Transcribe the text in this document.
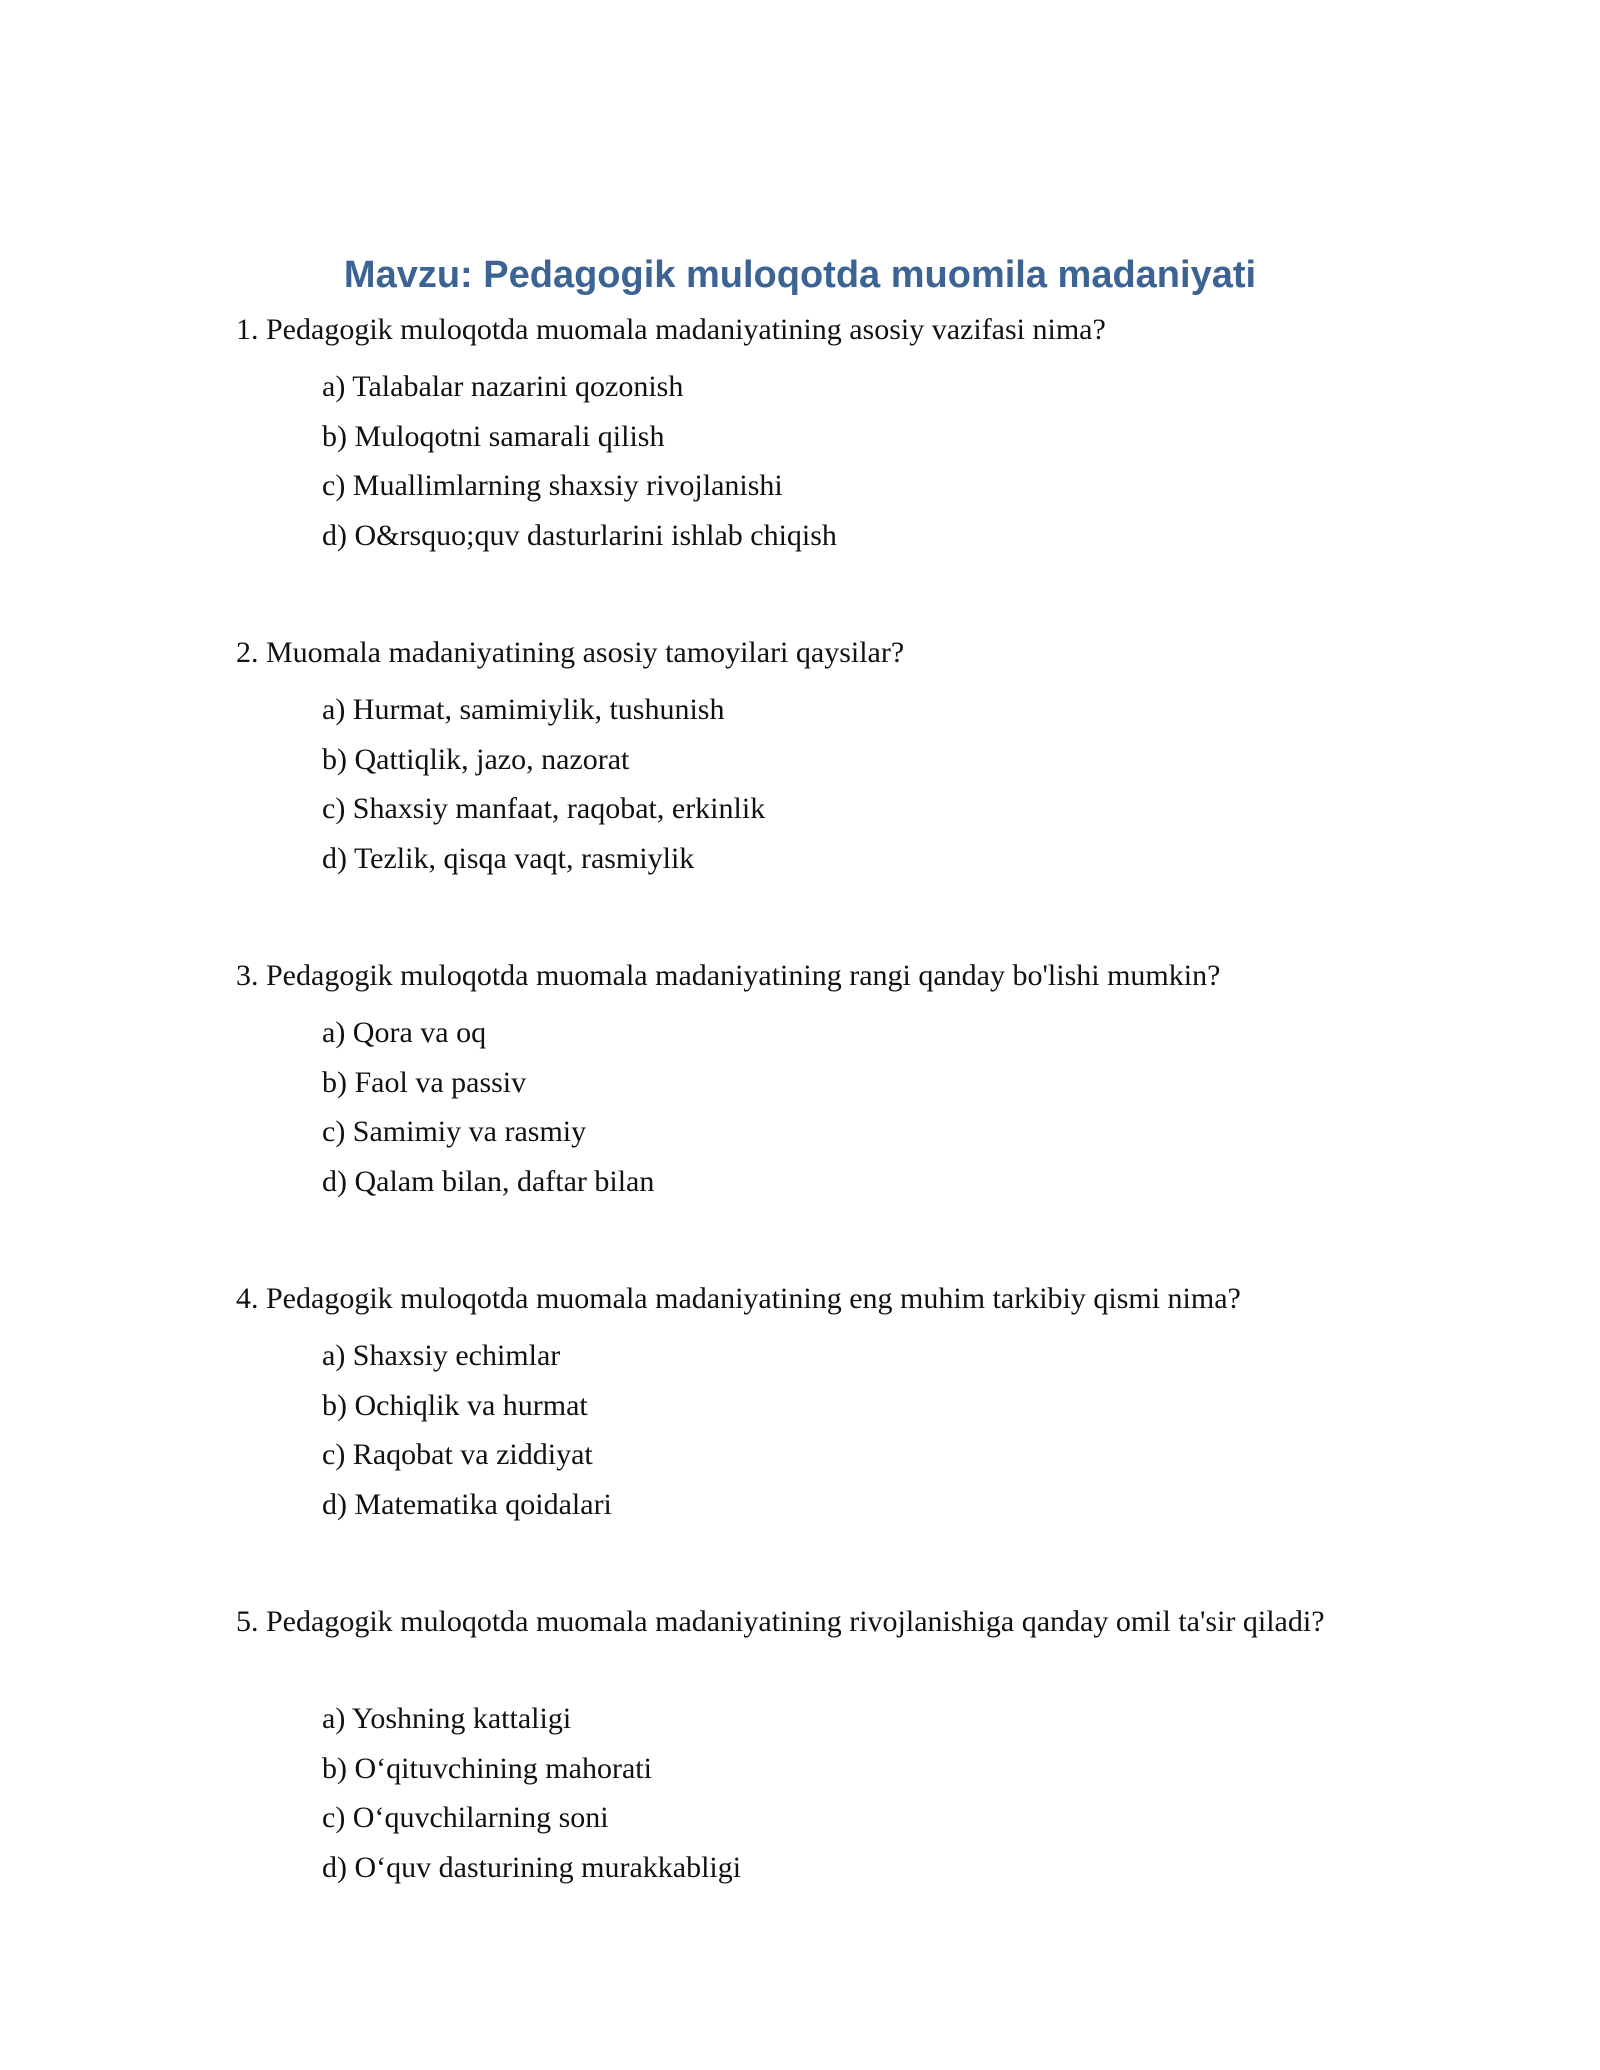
Mavzu: Pedagogik muloqotda muomila madaniyati
1. Pedagogik muloqotda muomala madaniyatining asosiy vazifasi nima?
a) Talabalar nazarini qozonish
b) Muloqotni samarali qilish
c) Muallimlarning shaxsiy rivojlanishi
d) O&rsquo;quv dasturlarini ishlab chiqish
2. Muomala madaniyatining asosiy tamoyilari qaysilar?
a) Hurmat, samimiylik, tushunish
b) Qattiqlik, jazo, nazorat
c) Shaxsiy manfaat, raqobat, erkinlik
d) Tezlik, qisqa vaqt, rasmiylik
3. Pedagogik muloqotda muomala madaniyatining rangi qanday bo'lishi mumkin?
a) Qora va oq
b) Faol va passiv
c) Samimiy va rasmiy
d) Qalam bilan, daftar bilan
4. Pedagogik muloqotda muomala madaniyatining eng muhim tarkibiy qismi nima?
a) Shaxsiy echimlar
b) Ochiqlik va hurmat
c) Raqobat va ziddiyat
d) Matematika qoidalari
5. Pedagogik muloqotda muomala madaniyatining rivojlanishiga qanday omil ta'sir qiladi?
a) Yoshning kattaligi
b) O‘qituvchining mahorati
c) O‘quvchilarning soni
d) O‘quv dasturining murakkabligi
